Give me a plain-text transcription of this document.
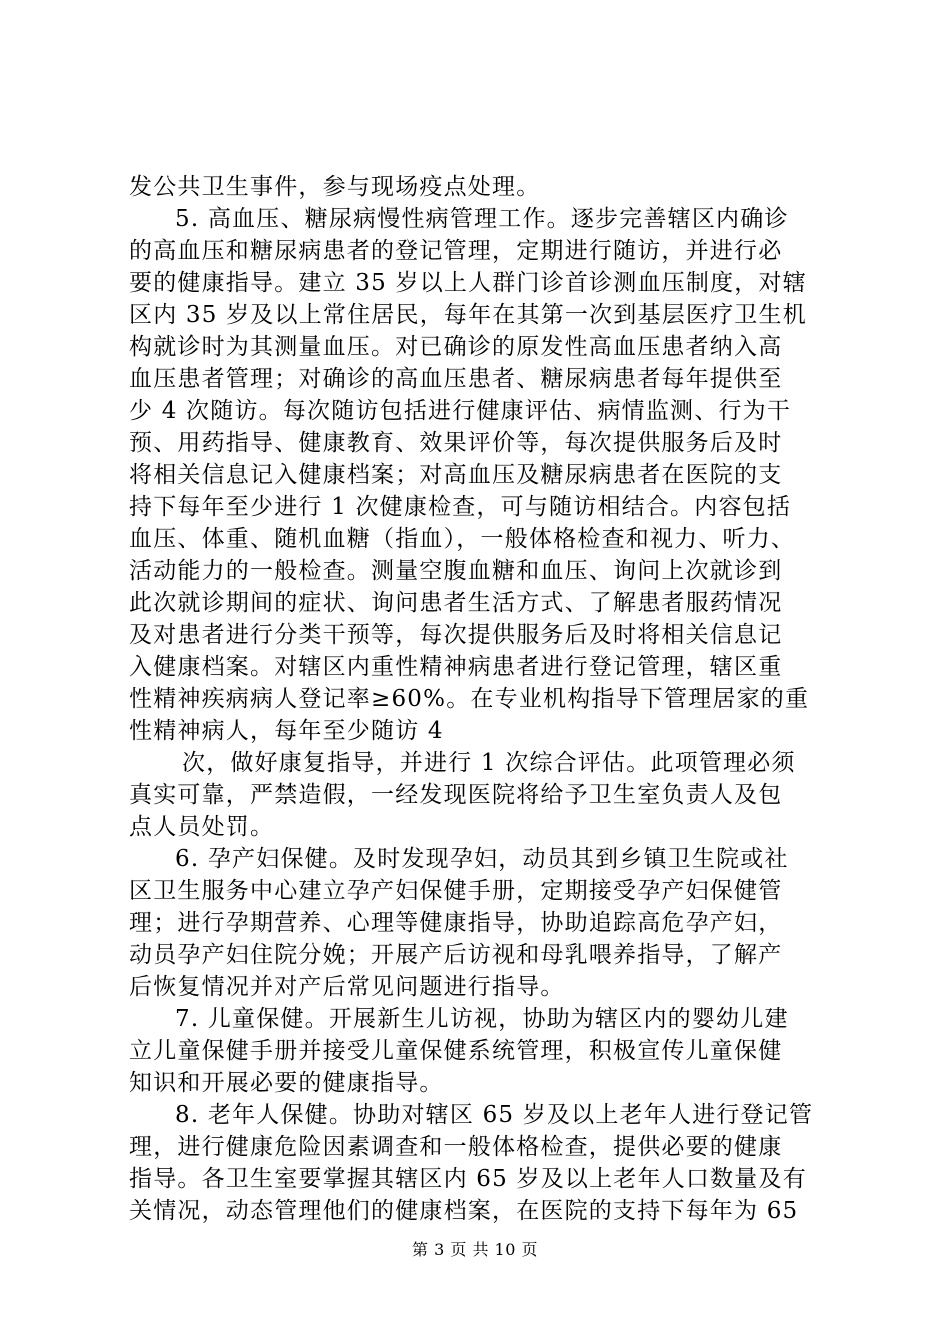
发公共卫生事件，参与现场疫点处理。
5. 高血压、糖尿病慢性病管理工作。逐步完善辖区内确诊
的高血压和糖尿病患者的登记管理，定期进行随访，并进行必
要的健康指导。建立 35 岁以上人群门诊首诊测血压制度，对辖
区内 35 岁及以上常住居民，每年在其第一次到基层医疗卫生机
构就诊时为其测量血压。对已确诊的原发性高血压患者纳入高
血压患者管理；对确诊的高血压患者、糖尿病患者每年提供至
少 4 次随访。每次随访包括进行健康评估、病情监测、行为干
预、用药指导、健康教育、效果评价等，每次提供服务后及时
将相关信息记入健康档案；对高血压及糖尿病患者在医院的支
持下每年至少进行 1 次健康检查，可与随访相结合。内容包括
血压、体重、随机血糖（指血），一般体格检查和视力、听力、
活动能力的一般检查。测量空腹血糖和血压、询问上次就诊到
此次就诊期间的症状、询问患者生活方式、了解患者服药情况
及对患者进行分类干预等，每次提供服务后及时将相关信息记
入健康档案。对辖区内重性精神病患者进行登记管理，辖区重
性精神疾病病人登记率≥60%。在专业机构指导下管理居家的重
性精神病人，每年至少随访 4
次，做好康复指导，并进行 1 次综合评估。此项管理必须
真实可靠，严禁造假，一经发现医院将给予卫生室负责人及包
点人员处罚。
6. 孕产妇保健。及时发现孕妇，动员其到乡镇卫生院或社
区卫生服务中心建立孕产妇保健手册，定期接受孕产妇保健管
理；进行孕期营养、心理等健康指导，协助追踪高危孕产妇，
动员孕产妇住院分娩；开展产后访视和母乳喂养指导，了解产
后恢复情况并对产后常见问题进行指导。
7. 儿童保健。开展新生儿访视，协助为辖区内的婴幼儿建
立儿童保健手册并接受儿童保健系统管理，积极宣传儿童保健
知识和开展必要的健康指导。
8. 老年人保健。协助对辖区 65 岁及以上老年人进行登记管
理，进行健康危险因素调查和一般体格检查，提供必要的健康
指导。各卫生室要掌握其辖区内 65 岁及以上老年人口数量及有
关情况，动态管理他们的健康档案，在医院的支持下每年为 65
第 3 页 共 10 页
